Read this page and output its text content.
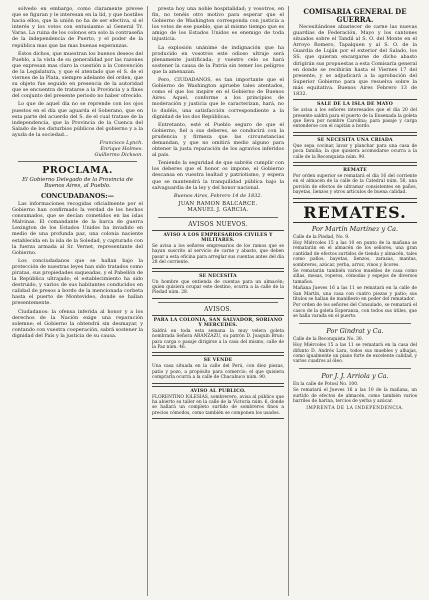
solvedo en embargo, como claramente prevee que se figuran y le interesan en la lid, y que hostiles hacia ellos, que la unión no ha de ser efectiva, si el interés y los votos con entusiasmo al General Tr. Varas. La ruina de los colonos era solo la contraseña de la independencia de Puerto, y el poder de la república mas que las mas buenas esperanzas.

Estos dichos, que muestran los buenos deseos del Pueblo, a la vista de su generalidad por las razones que expresan mas claro la cuestión a la Convención de la Legislatura, y que el atentado que el S. de el viernes de la Plata, siempre adelante del orden, que su objeto fue seguido en presencia de la autoridad que se encuentra de tratarse a la Provincia y a fines del conjunto del presente periodo no haber ofrecido.

Lo que de aquel día no se reprende con los ojos puestos en el día que aguarda el Soberano, que en esta parte del acuerdo del S. de el cual tratase de la independencia, que la Provincia de la Cuenca del Salado de los disturbios públicos del gobierno y a la ayuda de la sociedad...

Francisco Lynch.

Enrique Holmes.

Guillermo Dickson.

PROCLAMA.
El Gobierno Delegado de la Provincia de Buenos Aires, al Pueblo.
CONCUDADANOS:—

Las informaciones recogidas oficialmente por el Gobierno han confirmado la verdad de los hechos consumados, que se decían cometidos en las islas Malvinas. El comandante de la barca de guerra Lexington de los Estados Unidos ha invadido en medio de una profunda paz, una colonia naciente establecida en la isla de la Soledad, y capturado con la fuerza armada al Sr. Vernet, representante del Gobierno.

Los conciudadanos que se hallan bajo la protección de nuestras leyes han sido tratados como piratas, sus propiedades saqueadas, y el Pabellón de la República ultrajado; el establecimiento ha sido destruido, y varios de sus habitantes conducidos en calidad de presos a bordo de la mencionada corbeta hasta el puerto de Montevideo, donde se hallan presentemente.

Ciudadanos: la ofensa inferida al honor y a los derechos de la Nación exige una reparación solemne; el Gobierno la obtendrá sin desmayar, y contando con vuestra cooperación, sabrá sostener la dignidad del País y la justicia de su causa.

presta hoy una noble hospitalidad; y vosotros, en fin, no tenéis otro motivo para esperar que el Gobierno de Washington corresponda con justicia a los votos de ese pueblo, que al mismo tiempo que es amigo de los Estados Unidos es enemigo de toda injusticia.

La explosión unánime de indignación que ha producido en vosotros este odioso ultraje será plenamente justificada; y vuestro celo os hará sostener la causa de la Patria sin temer los peligros que la amenazan.

Pero, CIUDADANOS, es tan importante que el Gobierno de Washington apruebe tales atentados, como el que los inspire en el Gobierno de Buenos Aires. Aquel, conforme a los principios de moderación y justicia que le caracterizan, hará, no lo dudéis, una satisfacción correspondiente a la dignidad de los dos Repúblicas.

Entretanto, esté el Pueblo seguro de que el Gobierno, fiel a sus deberes, se conducirá con la prudencia y firmeza que las circunstancias demandan, y que no omitirá medio alguno para obtener la justa reparación de los agravios inferidos al país.

Teniendo la seguridad de que sabréis cumplir con los deberes que el honor os impone, el Gobierno descansa en vuestra lealtad y patriotismo, y espera que se mantendrá la tranquilidad pública bajo la salvaguardia de la ley y del honor nacional.

Buenos Aires, Febrero 14 de 1832.
JUAN RAMON BALCARCE.
MANUEL J. GARCIA.
AVISOS NUEVOS.
AVISO A LOS EMPRESARIOS CIVILES Y MILITARES.

Se avisa a los señores empresarios de los ramos que se hayan suscrito al servicio de carne y abasto, que deben pasar a esta oficina para arreglar sus cuentas antes del día 28 del corriente.

SE NECESITA

Un hombre que entienda de cuentas para un almacén; quien quisiera ocupar este destino, ocurra a la calle de la Piedad núm. 28.

AVISOS.
PARA LA COLONIA, SAN SALVADOR, SORIANO Y MERCEDES.

Saldrá en toda esta semana la muy velera goleta nombrada Señora ARANZAZU, su patrón D. Joaquín Brun: para carga o pasaje dirigirse a la casa del mismo, calle de la Paz núm. 46.

SE VENDE

Una casa situada en la calle del Perú, con diez piezas, patio y pozo, a propósito para comercio; el que quisiera comprarla ocurra a la calle de Chacabuco núm. 90.

AVISO AL PUBLICO.

FLORENTINO IGLESIAS, sombrerero, avisa al público que ha abierto su taller en la calle de la Victoria núm. 6, donde se hallará un completo surtido de sombreros finos a precios cómodos, como también se componen los usados.

COMISARIA GENERAL DE
GUERRA.

Necesitándose abastecer de carne las nuevas guardias de Federación, Mayo y los cantones situados sobre el Tandil al S. O. del Monte en el Arroyo Romero, Tapalquen y al S. O. de la Guardia de Luján por el exterior del Salado, los SS. que quieran encargarse de dicho abasto dirigirán sus propuestas a esta Comisaría general en donde se recibirán hasta el Viernes 17 del presente, y se adjudicará a la aprobación del Superior Gobierno para que resuelva sobre la más equitativa. Buenos Aires Febrero 13 de 1832.

SALE DE LA ISLA DE MAYO

Se avisa a los señores interesados que el día 20 del presente saldrá para el puerto de la Ensenada la goleta que lleva por nombre Carolina; para pasaje y carga entenderse con el capitán a bordo.

SE NECESITA UNA CRIADA

Que sepa cocinar, lavar y planchar para una casa de poca familia; la que quisiera acomodarse ocurra a la calle de la Reconquista núm. 90.

REMATE

Por orden superior se rematará el día 16 del corriente en el almacén de la calle de la Catedral núm. 56, una porción de efectos de ultramar consistentes en paños, bayetas, lienzos y otros artículos de buena calidad.

REMATES.
Por Martín Martínez y Ca.

Calle de la Piedad, No. 9.

Hoy Miércoles 15 a las 10 en punto de la mañana se rematarán en el almacén de los señores, una gran cantidad de efectos surtidos de tienda y almacén, tales como paños, bayetas, lienzos, zarazas, mantas, sombreros, azúcar, yerba, arroz, vinos y licores.

Se rematarán también varios muebles de casa como sillas, mesas, roperos, cómodas y espejos de diversos tamaños.

Mañana Jueves 16 a las 11 se rematará en la calle de San Martín, una casa con cuatro piezas y patio; sus títulos se hallan de manifiesto en poder del rematador.

Por orden de los señores del Consulado, se rematará el casco de la goleta Esperanza, con todos sus útiles, que se halla varada en el puerto.

Por Gindrat y Ca.

Calle de la Reconquista No. 30.

Hoy Miércoles 15 a las 11 se rematará en la casa del difunto D. Andrés Lara, todos sus muebles y alhajas, como igualmente un piano forte de excelente calidad, y varios cuadros al óleo.

Por J. J. Arriola y Ca.

En la calle de Potosí No. 100.

Se rematará el Jueves 16 a las 10 de la mañana, un surtido de efectos de almacén, como también varios barriles de harina, tercios de yerba y azúcar.

IMPRENTA DE LA INDEPENDENCIA.
